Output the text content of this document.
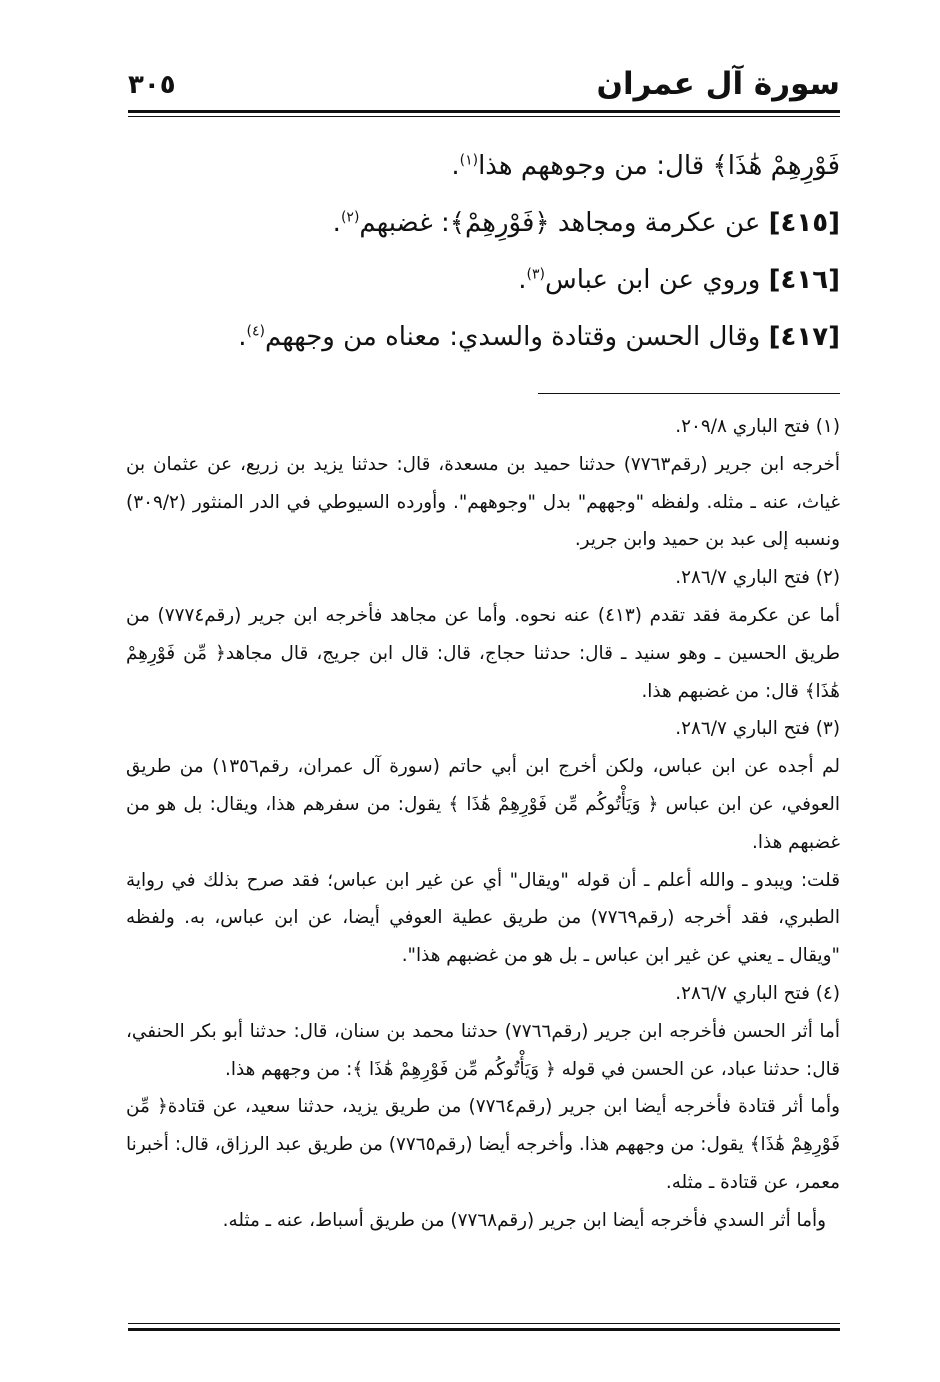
سورة آل عمران
٣٠٥
فَوْرِهِمْ هَٰذَا﴾ قال: من وجوههم هذا$^{(١)}$.
[٤١٥] عن عكرمة ومجاهد ﴿فَوْرِهِمْ﴾: غضبهم$^{(٢)}$.
[٤١٦] وروي عن ابن عباس$^{(٣)}$.
[٤١٧] وقال الحسن وقتادة والسدي: معناه من وجههم$^{(٤)}$.
(١) فتح الباري ٢٠٩/٨.

أخرجه ابن جرير (رقم٧٧٦٣) حدثنا حميد بن مسعدة، قال: حدثنا يزيد بن زريع، عن عثمان بن غياث، عنه ـ مثله. ولفظه "وجههم" بدل "وجوههم". وأورده السيوطي في الدر المنثور (٣٠٩/٢) ونسبه إلى عبد بن حميد وابن جرير.

(٢) فتح الباري ٢٨٦/٧.

أما عن عكرمة فقد تقدم (٤١٣) عنه نحوه. وأما عن مجاهد فأخرجه ابن جرير (رقم٧٧٧٤) من طريق الحسين ـ وهو سنيد ـ قال: حدثنا حجاج، قال: قال ابن جريج، قال مجاهد﴿ مِّن فَوْرِهِمْ هَٰذَا﴾ قال: من غضبهم هذا.

(٣) فتح الباري ٢٨٦/٧.

لم أجده عن ابن عباس، ولكن أخرج ابن أبي حاتم (سورة آل عمران، رقم١٣٥٦) من طريق العوفي، عن ابن عباس ﴿ وَيَأْتُوكُم مِّن فَوْرِهِمْ هَٰذَا ﴾ يقول: من سفرهم هذا، ويقال: بل هو من غضبهم هذا.

قلت: ويبدو ـ والله أعلم ـ أن قوله "ويقال" أي عن غير ابن عباس؛ فقد صرح بذلك في رواية الطبري، فقد أخرجه (رقم٧٧٦٩) من طريق عطية العوفي أيضا، عن ابن عباس، به. ولفظه "ويقال ـ يعني عن غير ابن عباس ـ بل هو من غضبهم هذا".

(٤) فتح الباري ٢٨٦/٧.

أما أثر الحسن فأخرجه ابن جرير (رقم٧٧٦٦) حدثنا محمد بن سنان، قال: حدثنا أبو بكر الحنفي، قال: حدثنا عباد، عن الحسن في قوله ﴿ وَيَأْتُوكُم مِّن فَوْرِهِمْ هَٰذَا ﴾: من وجههم هذا.

وأما أثر قتادة فأخرجه أيضا ابن جرير (رقم٧٧٦٤) من طريق يزيد، حدثنا سعيد، عن قتادة﴿ مِّن فَوْرِهِمْ هَٰذَا﴾ يقول: من وجههم هذا. وأخرجه أيضا (رقم٧٧٦٥) من طريق عبد الرزاق، قال: أخبرنا معمر، عن قتادة ـ مثله.

وأما أثر السدي فأخرجه أيضا ابن جرير (رقم٧٧٦٨) من طريق أسباط، عنه ـ مثله.
